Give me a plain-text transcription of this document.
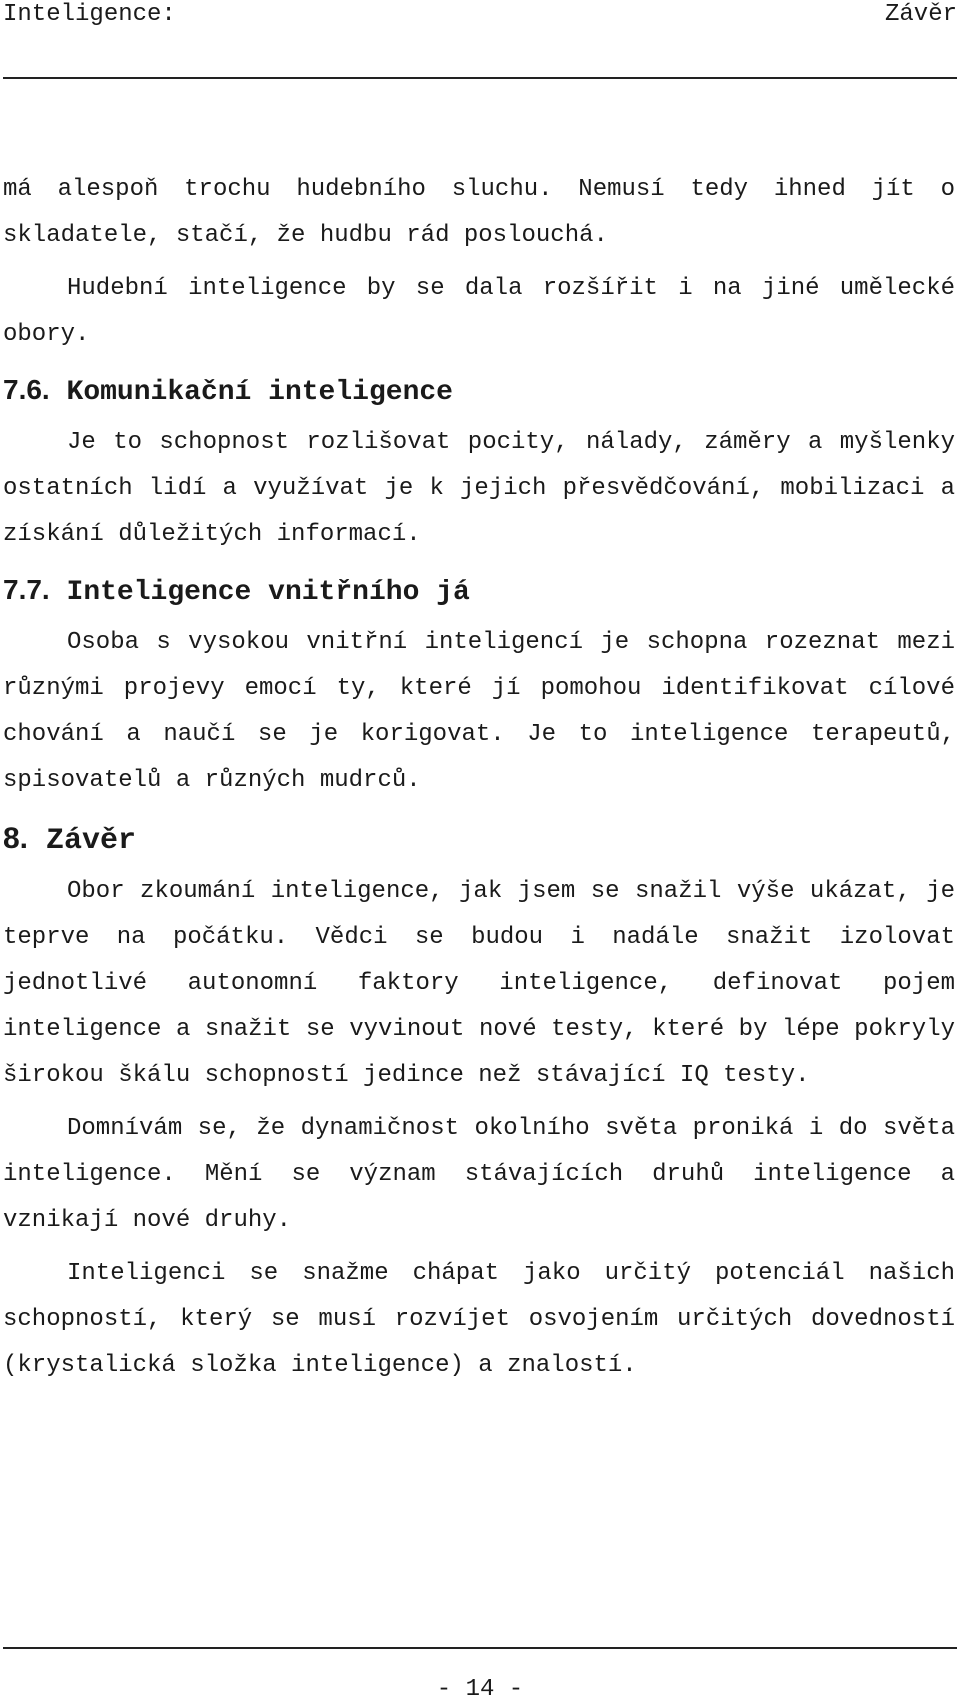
Inteligence:	Závěr

má alespoň trochu hudebního sluchu. Nemusí tedy ihned jít o skladatele, stačí, že hudbu rád poslouchá.

Hudební inteligence by se dala rozšířit i na jiné umělecké obory.

7.6. Komunikační inteligence

Je to schopnost rozlišovat pocity, nálady, záměry a myšlenky ostatních lidí a využívat je k jejich přesvědčování, mobilizaci a získání důležitých informací.

7.7. Inteligence vnitřního já

Osoba s vysokou vnitřní inteligencí je schopna rozeznat mezi různými projevy emocí ty, které jí pomohou identifikovat cílové chování a naučí se je korigovat. Je to inteligence terapeutů, spisovatelů a různých mudrců.

8. Závěr

Obor zkoumání inteligence, jak jsem se snažil výše ukázat, je teprve na počátku. Vědci se budou i nadále snažit izolovat jednotlivé autonomní faktory inteligence, definovat pojem inteligence a snažit se vyvinout nové testy, které by lépe pokryly širokou škálu schopností jedince než stávající IQ testy.

Domnívám se, že dynamičnost okolního světa proniká i do světa inteligence. Mění se význam stávajících druhů inteligence a vznikají nové druhy.

Inteligenci se snažme chápat jako určitý potenciál našich schopností, který se musí rozvíjet osvojením určitých dovedností (krystalická složka inteligence) a znalostí.

- 14 -
